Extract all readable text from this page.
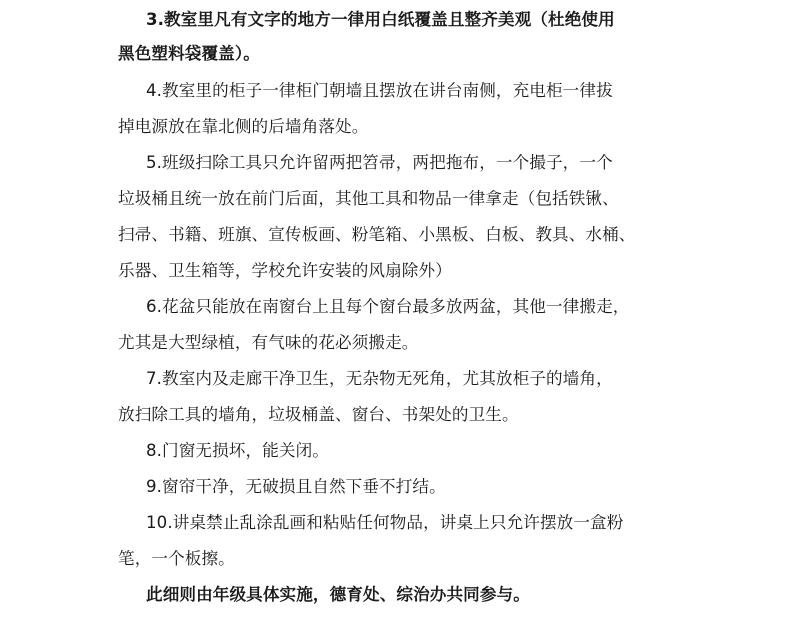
3.教室里凡有文字的地方一律用白纸覆盖且整齐美观（杜绝使用
黑色塑料袋覆盖）。
4.教室里的柜子一律柜门朝墙且摆放在讲台南侧，充电柜一律拔
掉电源放在靠北侧的后墙角落处。
5.班级扫除工具只允许留两把笤帚，两把拖布，一个撮子，一个
垃圾桶且统一放在前门后面，其他工具和物品一律拿走（包括铁锹、
扫帚、书籍、班旗、宣传板画、粉笔箱、小黑板、白板、教具、水桶、
乐器、卫生箱等，学校允许安装的风扇除外）
6.花盆只能放在南窗台上且每个窗台最多放两盆，其他一律搬走，
尤其是大型绿植，有气味的花必须搬走。
7.教室内及走廊干净卫生，无杂物无死角，尤其放柜子的墙角，
放扫除工具的墙角，垃圾桶盖、窗台、书架处的卫生。
8.门窗无损坏，能关闭。
9.窗帘干净，无破损且自然下垂不打结。
10.讲桌禁止乱涂乱画和粘贴任何物品，讲桌上只允许摆放一盒粉
笔，一个板擦。
此细则由年级具体实施，德育处、综治办共同参与。
